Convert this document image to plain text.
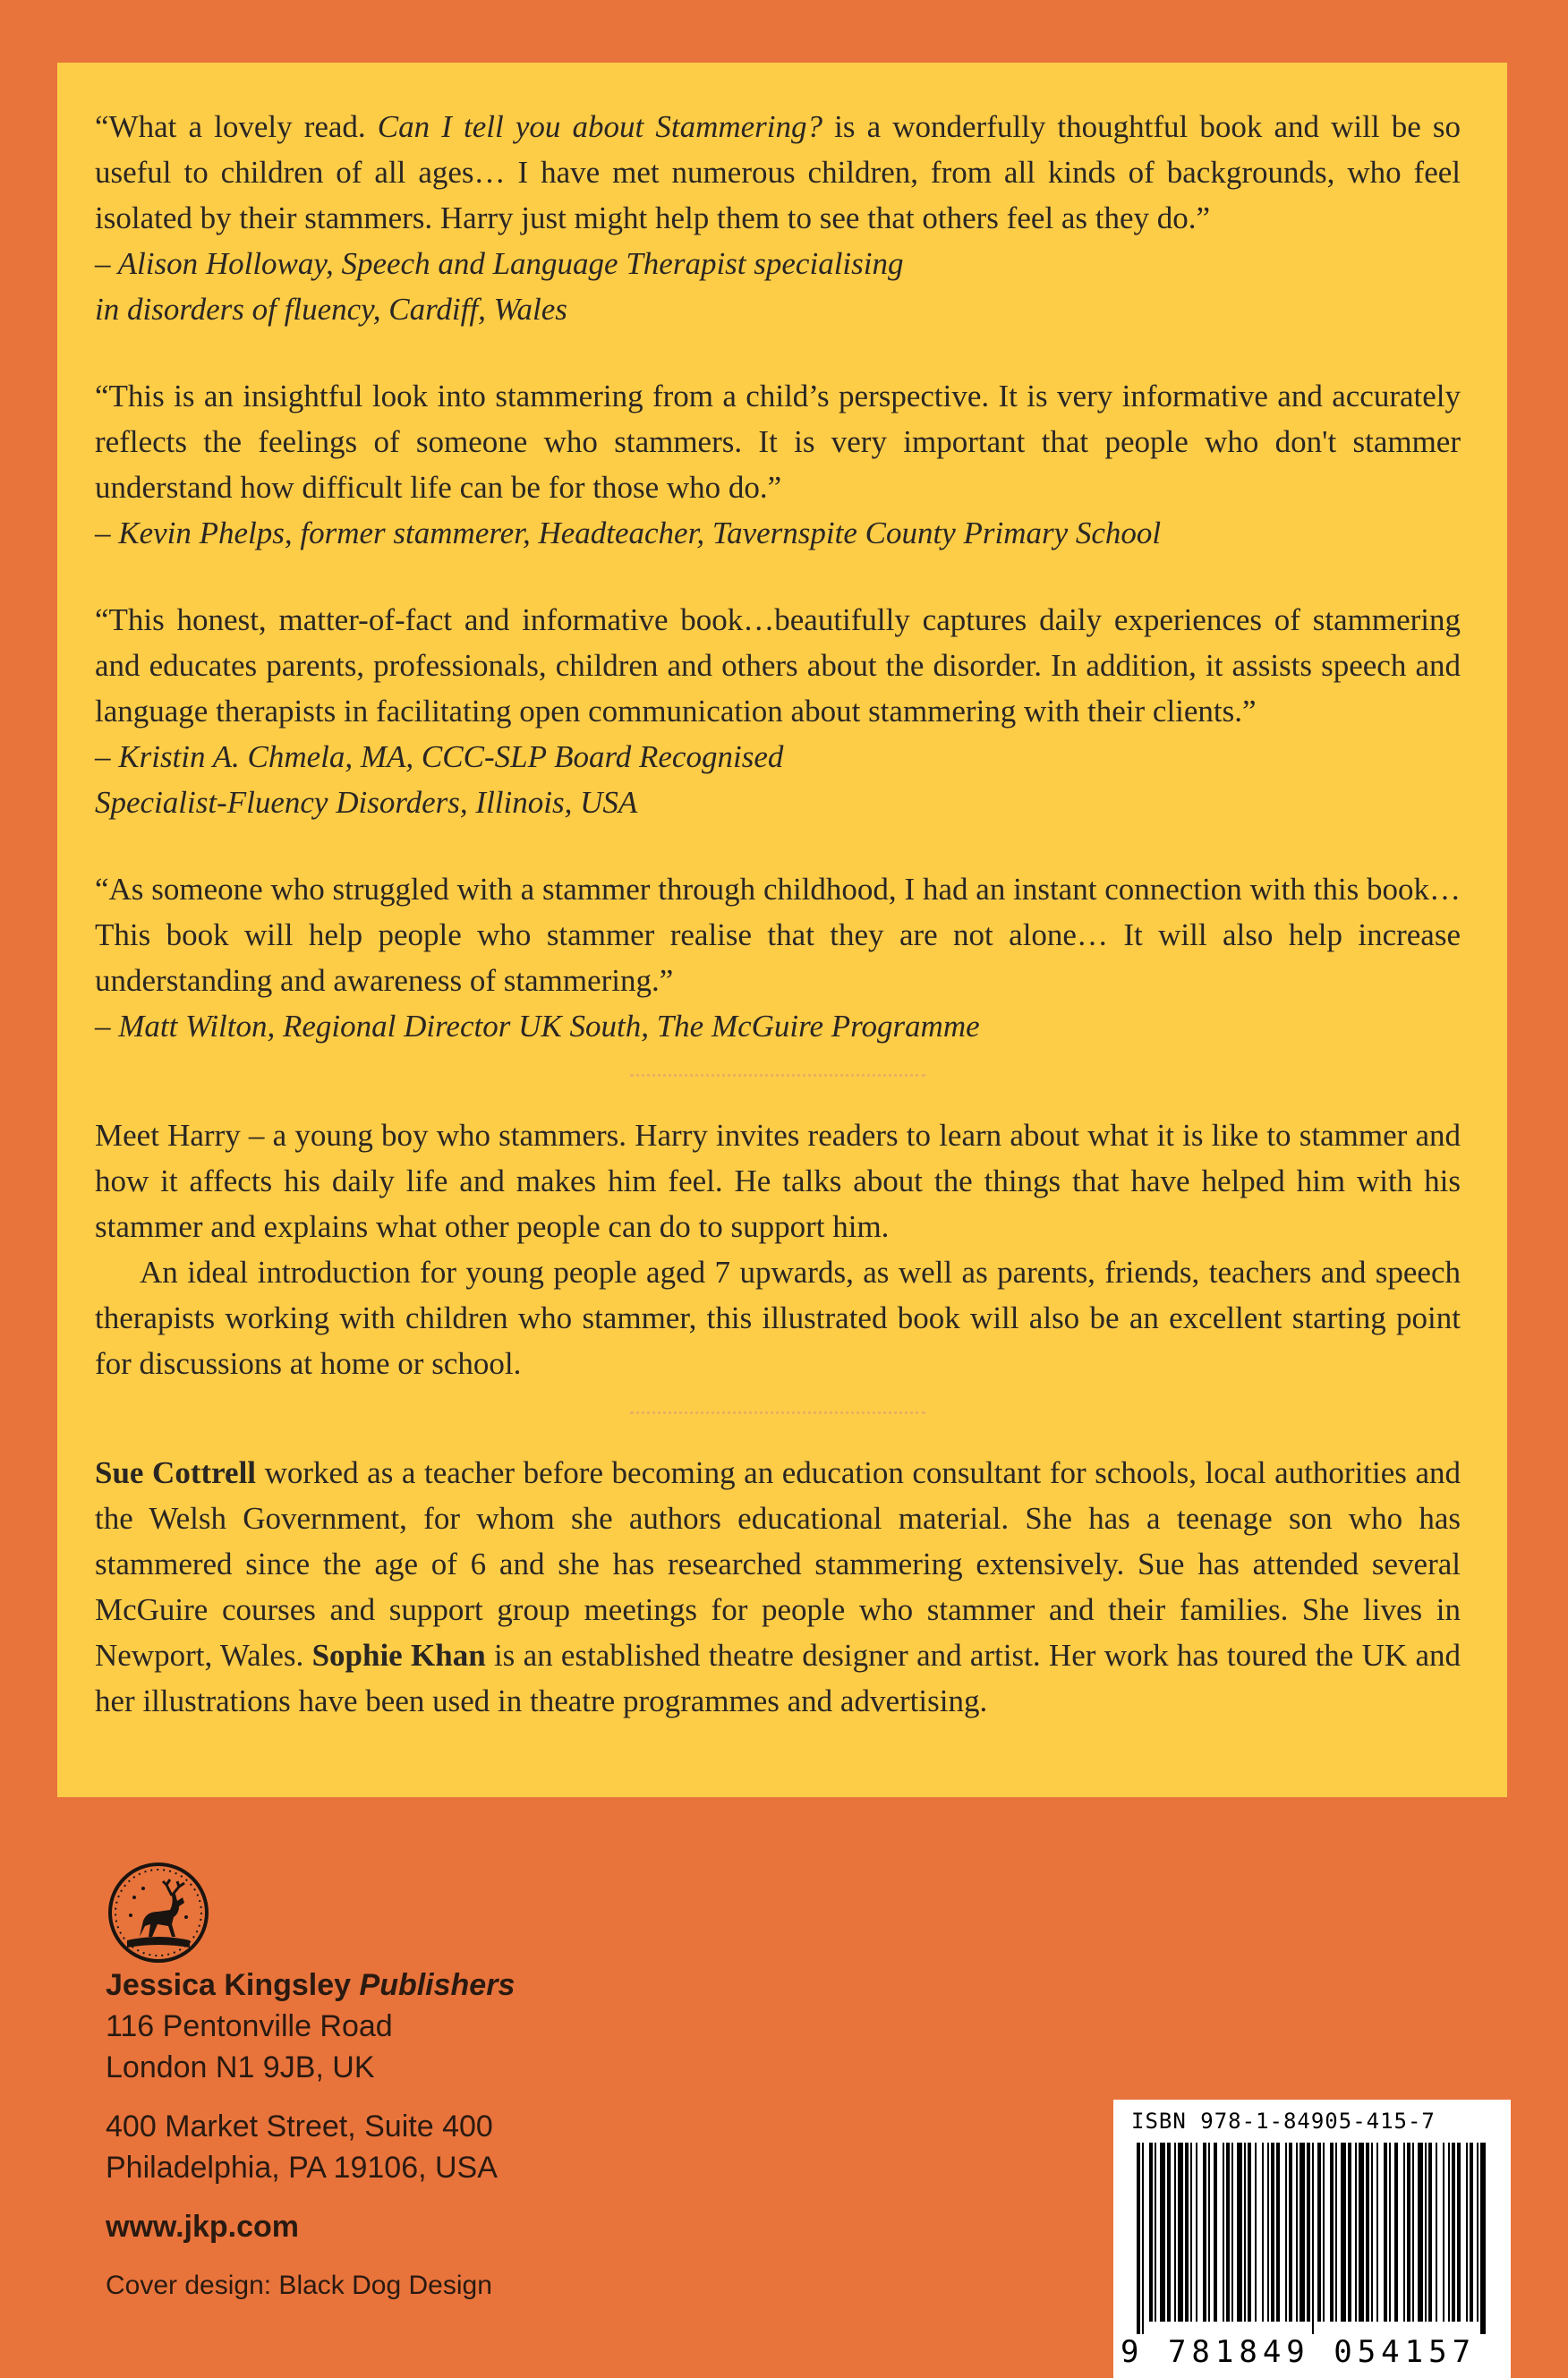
“What a lovely read. Can I tell you about Stammering? is a wonderfully thoughtful book and will be so useful to children of all ages… I have met numerous children, from all kinds of backgrounds, who feel isolated by their stammers. Harry just might help them to see that others feel as they do.”

– Alison Holloway, Speech and Language Therapist specialising

in disorders of fluency, Cardiff, Wales

“This is an insightful look into stammering from a child’s perspective. It is very informative and accurately reflects the feelings of someone who stammers. It is very important that people who don't stammer understand how difficult life can be for those who do.”

– Kevin Phelps, former stammerer, Headteacher, Tavernspite County Primary School

“This honest, matter-of-fact and informative book…beautifully captures daily experiences of stammering and educates parents, professionals, children and others about the disorder. In addition, it assists speech and language therapists in facilitating open communication about stammering with their clients.”

– Kristin A. Chmela, MA, CCC-SLP Board Recognised

Specialist-Fluency Disorders, Illinois, USA

“As someone who struggled with a stammer through childhood, I had an instant connection with this book… This book will help people who stammer realise that they are not alone… It will also help increase understanding and awareness of stammering.”

– Matt Wilton, Regional Director UK South, The McGuire Programme

Meet Harry – a young boy who stammers. Harry invites readers to learn about what it is like to stammer and how it affects his daily life and makes him feel. He talks about the things that have helped him with his stammer and explains what other people can do to support him.

An ideal introduction for young people aged 7 upwards, as well as parents, friends, teachers and speech therapists working with children who stammer, this illustrated book will also be an excellent starting point for discussions at home or school.

Sue Cottrell worked as a teacher before becoming an education consultant for schools, local authorities and the Welsh Government, for whom she authors educational material. She has a teenage son who has stammered since the age of 6 and she has researched stammering extensively. Sue has attended several McGuire courses and support group meetings for people who stammer and their families. She lives in Newport, Wales. Sophie Khan is an established theatre designer and artist. Her work has toured the UK and her illustrations have been used in theatre programmes and advertising.

Jessica Kingsley Publishers

116 Pentonville Road

London N1 9JB, UK

400 Market Street, Suite 400

Philadelphia, PA 19106, USA

www.jkp.com

Cover design: Black Dog Design

ISBN 978-1-84905-415-7
9 781849 054157
